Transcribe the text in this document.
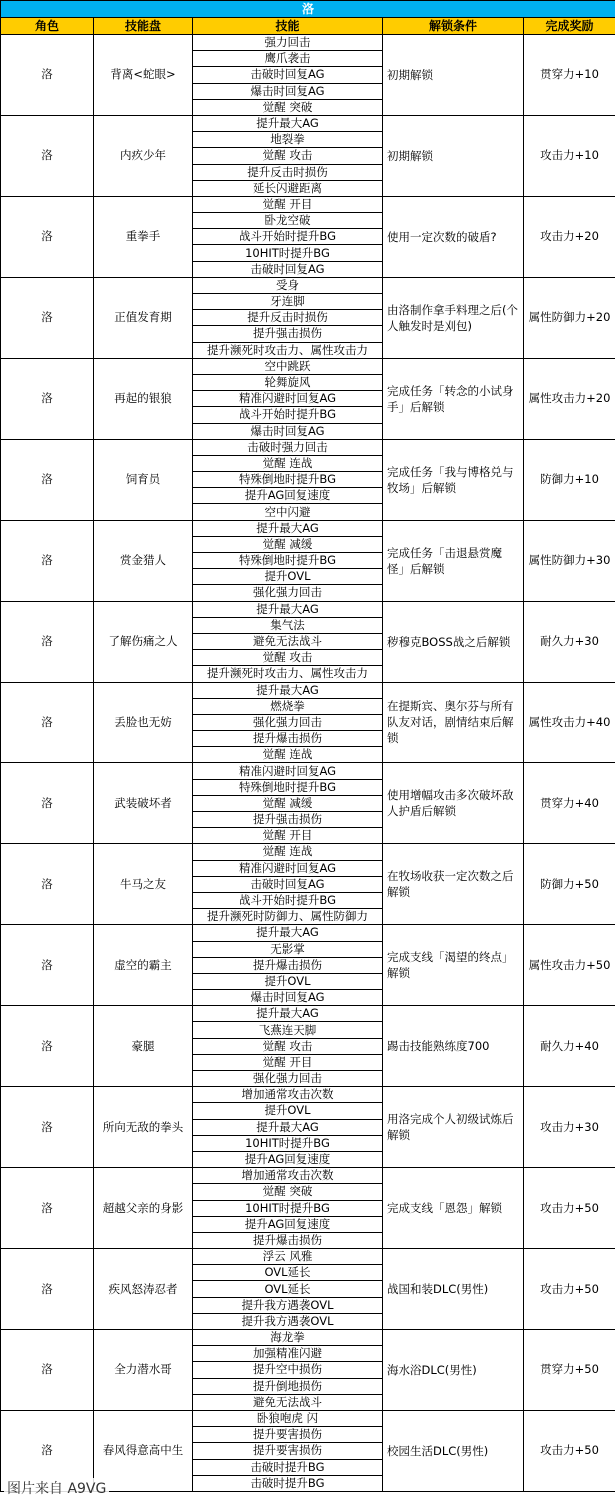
洛				
角色	技能盘	技能	解锁条件	完成奖励
洛	背离<蛇眼>	强力回击	初期解锁	贯穿力+10
		鹰爪袭击		
		击破时回复AG		
		爆击时回复AG		
		觉醒 突破		
洛	内疚少年	提升最大AG	初期解锁	攻击力+10
		地裂拳		
		觉醒 攻击		
		提升反击时损伤		
		延长闪避距离		
洛	重拳手	觉醒 开目	使用一定次数的破盾?	攻击力+20
		卧龙空破		
		战斗开始时提升BG		
		10HIT时提升BG		
		击破时回复AG		
洛	正值发育期	受身	由洛制作拿手料理之后(个人触发时是刈包)	属性防御力+20
		牙连脚		
		提升反击时损伤		
		提升强击损伤		
		提升濒死时攻击力、属性攻击力		
洛	再起的银狼	空中跳跃	完成任务「转念的小试身手」后解锁	属性攻击力+20
		轮舞旋风		
		精准闪避时回复AG		
		战斗开始时提升BG		
		爆击时回复AG		
洛	饲育员	击破时强力回击	完成任务「我与博格兑与牧场」后解锁	防御力+10
		觉醒 连战		
		特殊倒地时提升BG		
		提升AG回复速度		
		空中闪避		
洛	赏金猎人	提升最大AG	完成任务「击退悬赏魔怪」后解锁	属性防御力+30
		觉醒 减缓		
		特殊倒地时提升BG		
		提升OVL		
		强化强力回击		
洛	了解伤痛之人	提升最大AG	秽穆克BOSS战之后解锁	耐久力+30
		集气法		
		避免无法战斗		
		觉醒 攻击		
		提升濒死时攻击力、属性攻击力		
洛	丢脸也无妨	提升最大AG	在提斯宾、奥尔芬与所有队友对话，剧情结束后解锁	属性攻击力+40
		燃烧拳		
		强化强力回击		
		提升爆击损伤		
		觉醒 连战		
洛	武装破坏者	精准闪避时回复AG	使用增幅攻击多次破坏敌人护盾后解锁	贯穿力+40
		特殊倒地时提升BG		
		觉醒 减缓		
		提升强击损伤		
		觉醒 开目		
洛	牛马之友	觉醒 连战	在牧场收获一定次数之后解锁	防御力+50
		精准闪避时回复AG		
		击破时回复AG		
		战斗开始时提升BG		
		提升濒死时防御力、属性防御力		
洛	虚空的霸主	提升最大AG	完成支线「渴望的终点」解锁	属性攻击力+50
		无影掌		
		提升爆击损伤		
		提升OVL		
		爆击时回复AG		
洛	豪腿	提升最大AG	踢击技能熟练度700	耐久力+40
		飞燕连天脚		
		觉醒 攻击		
		觉醒 开目		
		强化强力回击		
洛	所向无敌的拳头	增加通常攻击次数	用洛完成个人初级试炼后解锁	攻击力+30
		提升OVL		
		提升最大AG		
		10HIT时提升BG		
		提升AG回复速度		
洛	超越父亲的身影	增加通常攻击次数	完成支线「恩怨」解锁	攻击力+50
		觉醒 突破		
		10HIT时提升BG		
		提升AG回复速度		
		提升爆击损伤		
洛	疾风怒涛忍者	浮云 风雅	战国和装DLC(男性)	攻击力+50
		OVL延长		
		OVL延长		
		提升我方遇袭OVL		
		提升我方遇袭OVL		
洛	全力潜水哥	海龙拳	海水浴DLC(男性)	贯穿力+50
		加强精准闪避		
		提升空中损伤		
		提升倒地损伤		
		避免无法战斗		
洛	春风得意高中生	卧狼咆虎 闪	校园生活DLC(男性)	攻击力+50
		提升要害损伤		
		提升要害损伤		
		击破时提升BG		
		击破时提升BG		
图片来自 A9VG
